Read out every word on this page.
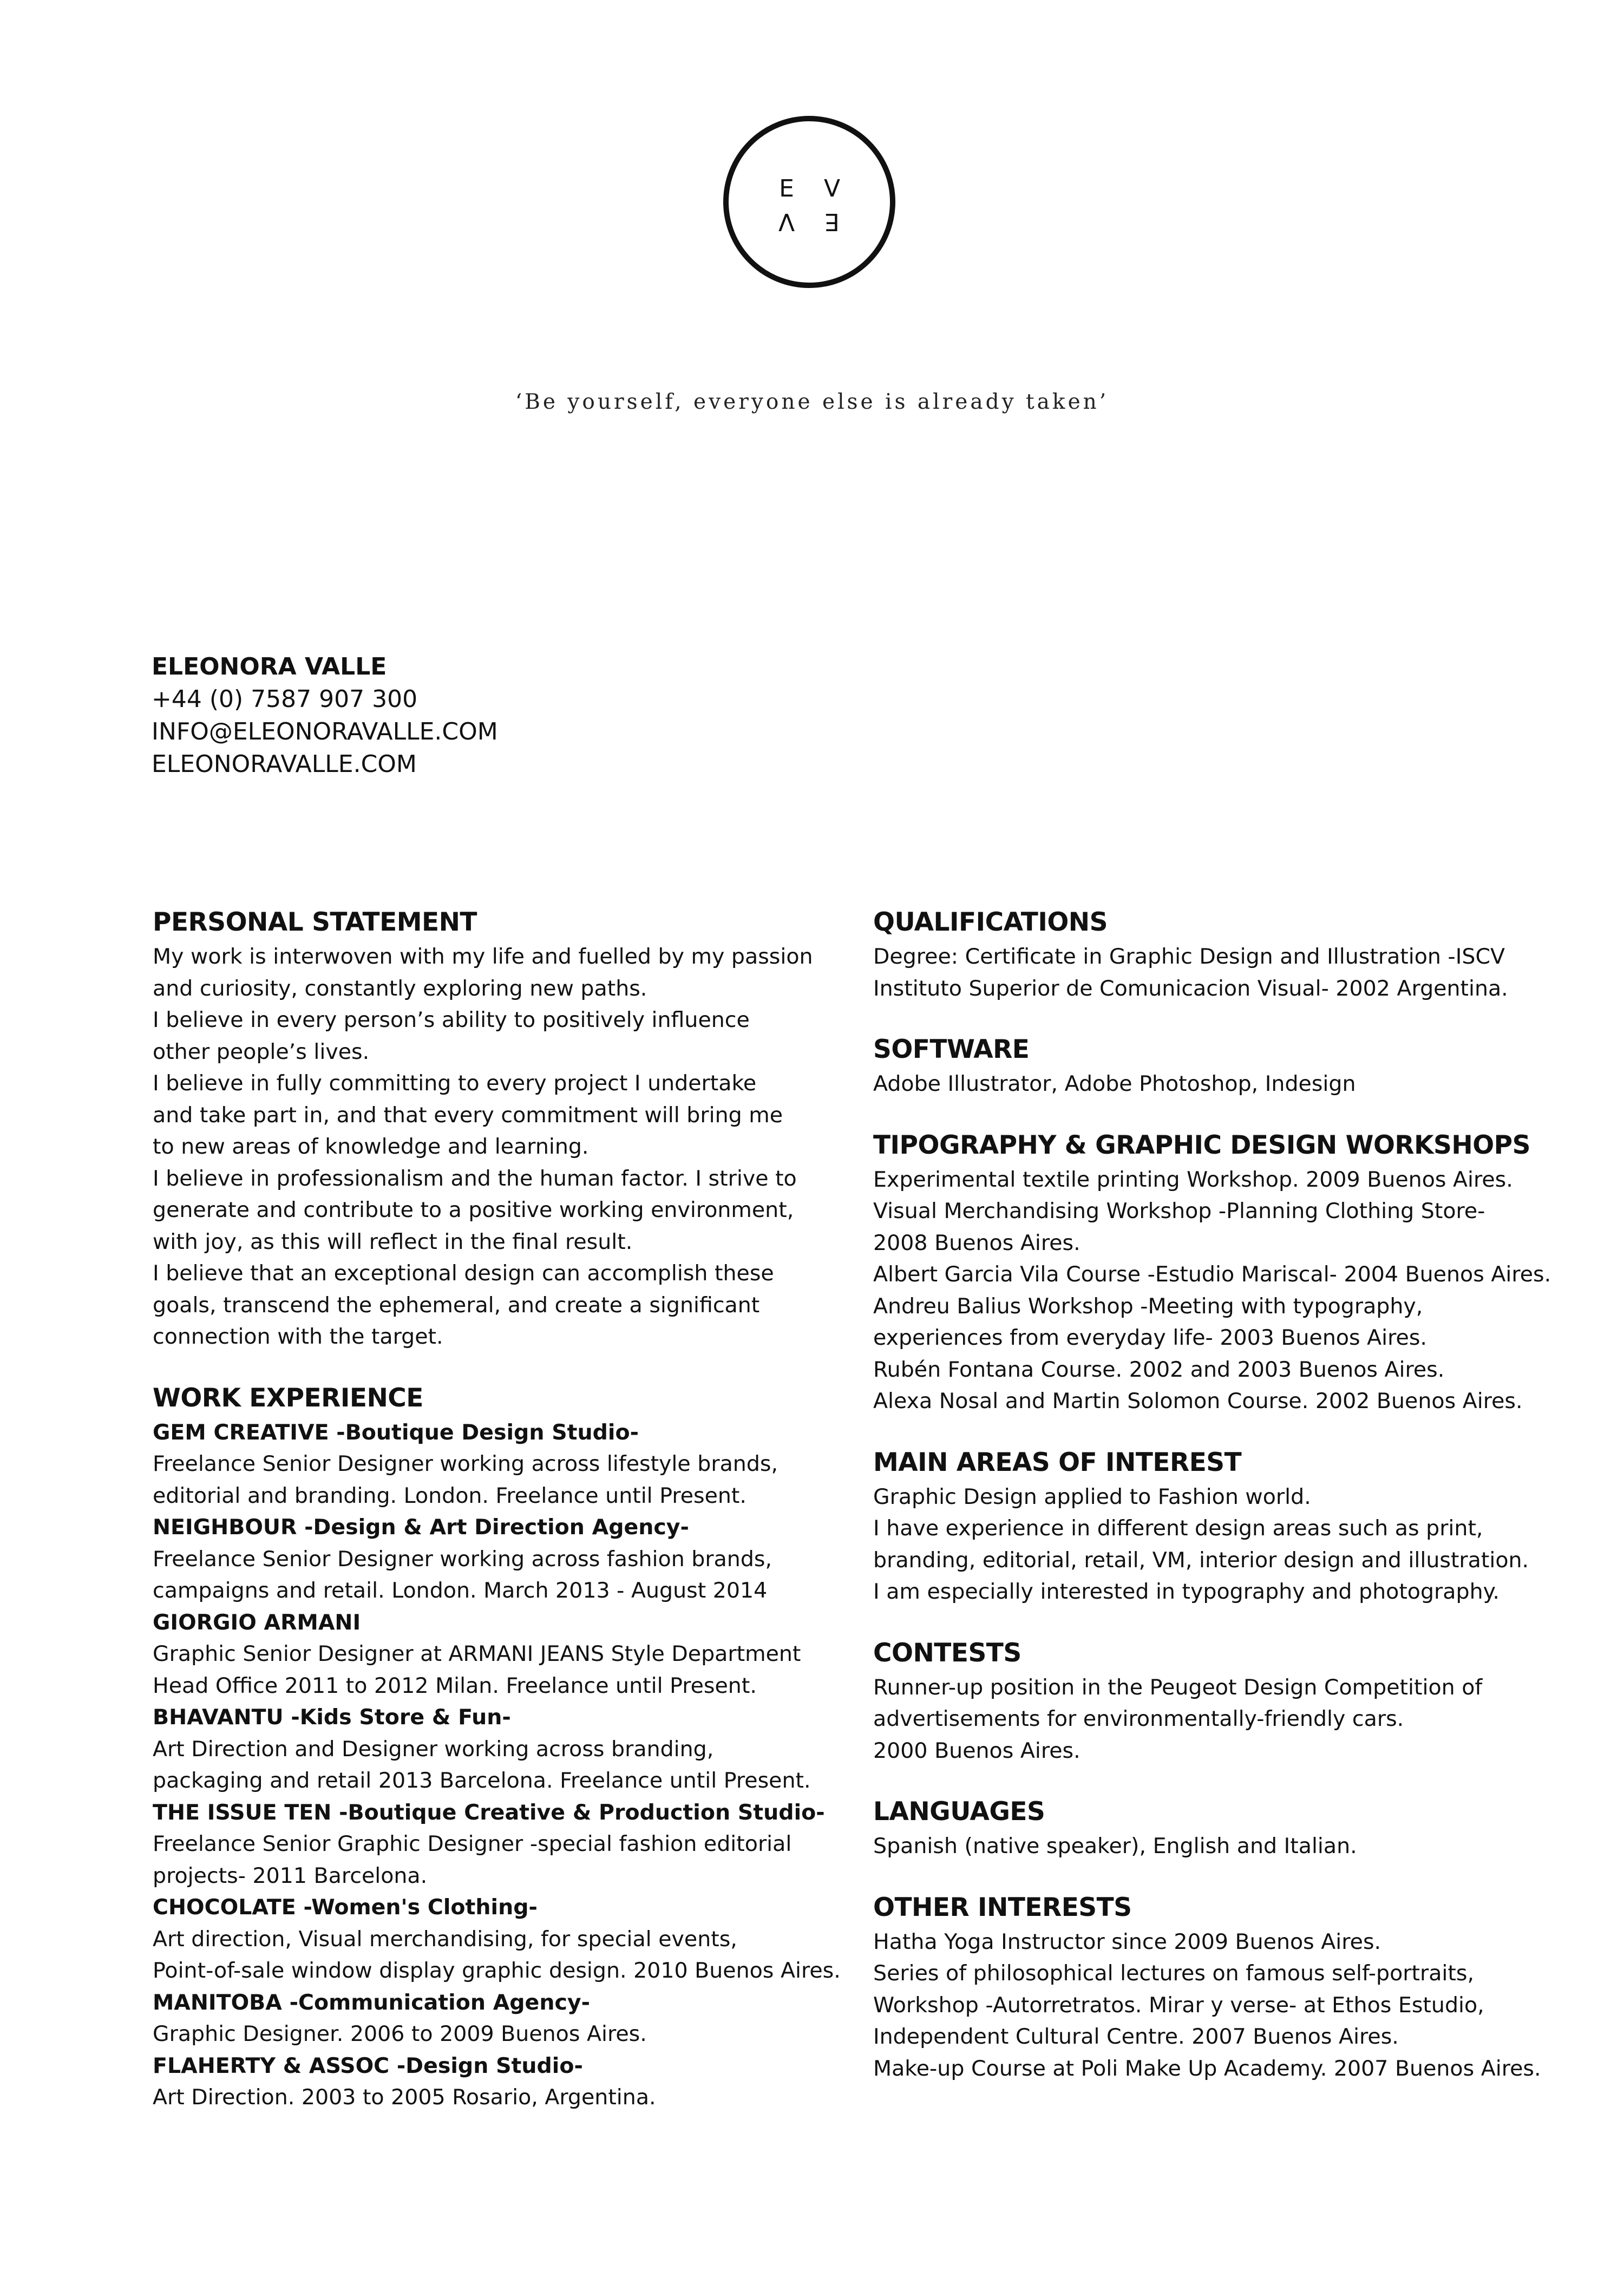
E V
V E
‘Be yourself, everyone else is already taken’
ELEONORA VALLE
+44 (0) 7587 907 300
INFO@ELEONORAVALLE.COM
ELEONORAVALLE.COM
PERSONAL STATEMENT
My work is interwoven with my life and fuelled by my passion
and curiosity, constantly exploring new paths.
I believe in every person’s ability to positively influence
other people’s lives.
I believe in fully committing to every project I undertake
and take part in, and that every commitment will bring me
to new areas of knowledge and learning.
I believe in professionalism and the human factor. I strive to
generate and contribute to a positive working environment,
with joy, as this will reflect in the final result.
I believe that an exceptional design can accomplish these
goals, transcend the ephemeral, and create a significant
connection with the target.
WORK EXPERIENCE
GEM CREATIVE -Boutique Design Studio-
Freelance Senior Designer working across lifestyle brands,
editorial and branding. London. Freelance until Present.
NEIGHBOUR -Design & Art Direction Agency-
Freelance Senior Designer working across fashion brands,
campaigns and retail. London. March 2013 - August 2014
GIORGIO ARMANI
Graphic Senior Designer at ARMANI JEANS Style Department
Head Office 2011 to 2012 Milan. Freelance until Present.
BHAVANTU -Kids Store & Fun-
Art Direction and Designer working across branding,
packaging and retail 2013 Barcelona. Freelance until Present.
THE ISSUE TEN -Boutique Creative & Production Studio-
Freelance Senior Graphic Designer -special fashion editorial
projects- 2011 Barcelona.
CHOCOLATE -Women's Clothing-
Art direction, Visual merchandising, for special events,
Point-of-sale window display graphic design. 2010 Buenos Aires.
MANITOBA -Communication Agency-
Graphic Designer. 2006 to 2009 Buenos Aires.
FLAHERTY & ASSOC -Design Studio-
Art Direction. 2003 to 2005 Rosario, Argentina.
QUALIFICATIONS
Degree: Certificate in Graphic Design and Illustration -ISCV
Instituto Superior de Comunicacion Visual- 2002 Argentina.
SOFTWARE
Adobe Illustrator, Adobe Photoshop, Indesign
TIPOGRAPHY & GRAPHIC DESIGN WORKSHOPS
Experimental textile printing Workshop. 2009 Buenos Aires.
Visual Merchandising Workshop -Planning Clothing Store-
2008 Buenos Aires.
Albert Garcia Vila Course -Estudio Mariscal- 2004 Buenos Aires.
Andreu Balius Workshop -Meeting with typography,
experiences from everyday life- 2003 Buenos Aires.
Rubén Fontana Course. 2002 and 2003 Buenos Aires.
Alexa Nosal and Martin Solomon Course. 2002 Buenos Aires.
MAIN AREAS OF INTEREST
Graphic Design applied to Fashion world.
I have experience in different design areas such as print,
branding, editorial, retail, VM, interior design and illustration.
I am especially interested in typography and photography.
CONTESTS
Runner-up position in the Peugeot Design Competition of
advertisements for environmentally-friendly cars.
2000 Buenos Aires.
LANGUAGES
Spanish (native speaker), English and Italian.
OTHER INTERESTS
Hatha Yoga Instructor since 2009 Buenos Aires.
Series of philosophical lectures on famous self-portraits,
Workshop -Autorretratos. Mirar y verse- at Ethos Estudio,
Independent Cultural Centre. 2007 Buenos Aires.
Make-up Course at Poli Make Up Academy. 2007 Buenos Aires.
